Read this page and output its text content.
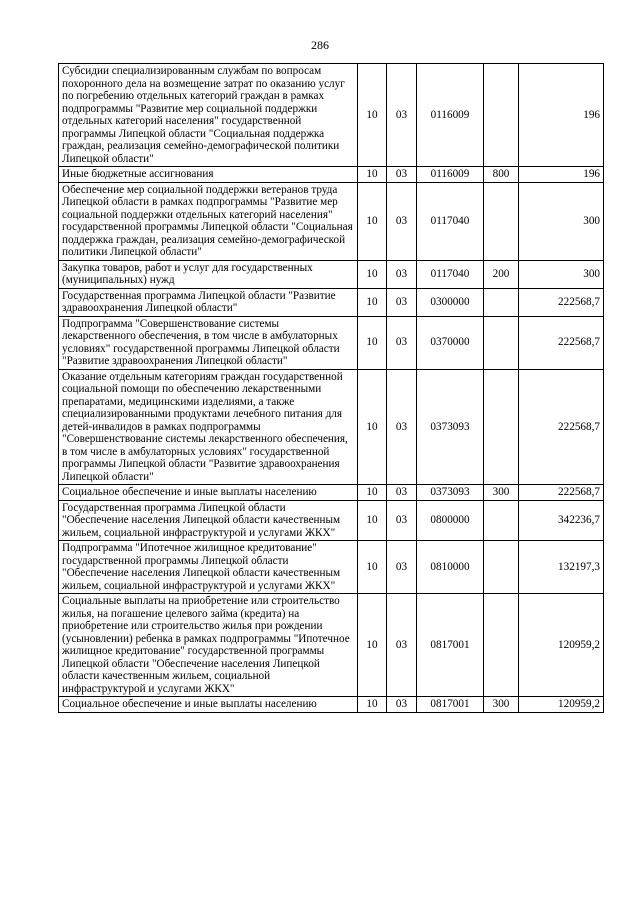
286
Субсидии специализированным службам по вопросам похоронного дела на возмещение затрат по оказанию услуг по погребению отдельных категорий граждан в рамках подпрограммы "Развитие мер социальной поддержки отдельных категорий населения" государственной программы Липецкой области "Социальная поддержка граждан, реализация семейно-демографической политики Липецкой области"	10	03	0116009		196
Иные бюджетные ассигнования	10	03	0116009	800	196
Обеспечение мер социальной поддержки ветеранов труда Липецкой области в рамках подпрограммы "Развитие мер социальной поддержки отдельных категорий населения" государственной программы Липецкой области "Социальная поддержка граждан, реализация семейно-демографической политики Липецкой области"	10	03	0117040		300
Закупка товаров, работ и услуг для государственных (муниципальных) нужд	10	03	0117040	200	300
Государственная программа Липецкой области "Развитие здравоохранения Липецкой области"	10	03	0300000		222568,7
Подпрограмма "Совершенствование системы лекарственного обеспечения, в том числе в амбулаторных условиях" государственной программы Липецкой области "Развитие здравоохранения Липецкой области"	10	03	0370000		222568,7
Оказание отдельным категориям граждан государственной социальной помощи по обеспечению лекарственными препаратами, медицинскими изделиями, а также специализированными продуктами лечебного питания для детей-инвалидов в рамках подпрограммы "Совершенствование системы лекарственного обеспечения, в том числе в амбулаторных условиях" государственной программы Липецкой области "Развитие здравоохранения Липецкой области"	10	03	0373093		222568,7
Социальное обеспечение и иные выплаты населению	10	03	0373093	300	222568,7
Государственная программа Липецкой области "Обеспечение населения Липецкой области качественным жильем, социальной инфраструктурой и услугами ЖКХ"	10	03	0800000		342236,7
Подпрограмма "Ипотечное жилищное кредитование" государственной программы Липецкой области "Обеспечение населения Липецкой области качественным жильем, социальной инфраструктурой и услугами ЖКХ"	10	03	0810000		132197,3
Социальные выплаты на приобретение или строительство жилья, на погашение целевого займа (кредита) на приобретение или строительство жилья при рождении (усыновлении) ребенка в рамках подпрограммы "Ипотечное жилищное кредитование" государственной программы Липецкой области "Обеспечение населения Липецкой области качественным жильем, социальной инфраструктурой и услугами ЖКХ"	10	03	0817001		120959,2
Социальное обеспечение и иные выплаты населению	10	03	0817001	300	120959,2
